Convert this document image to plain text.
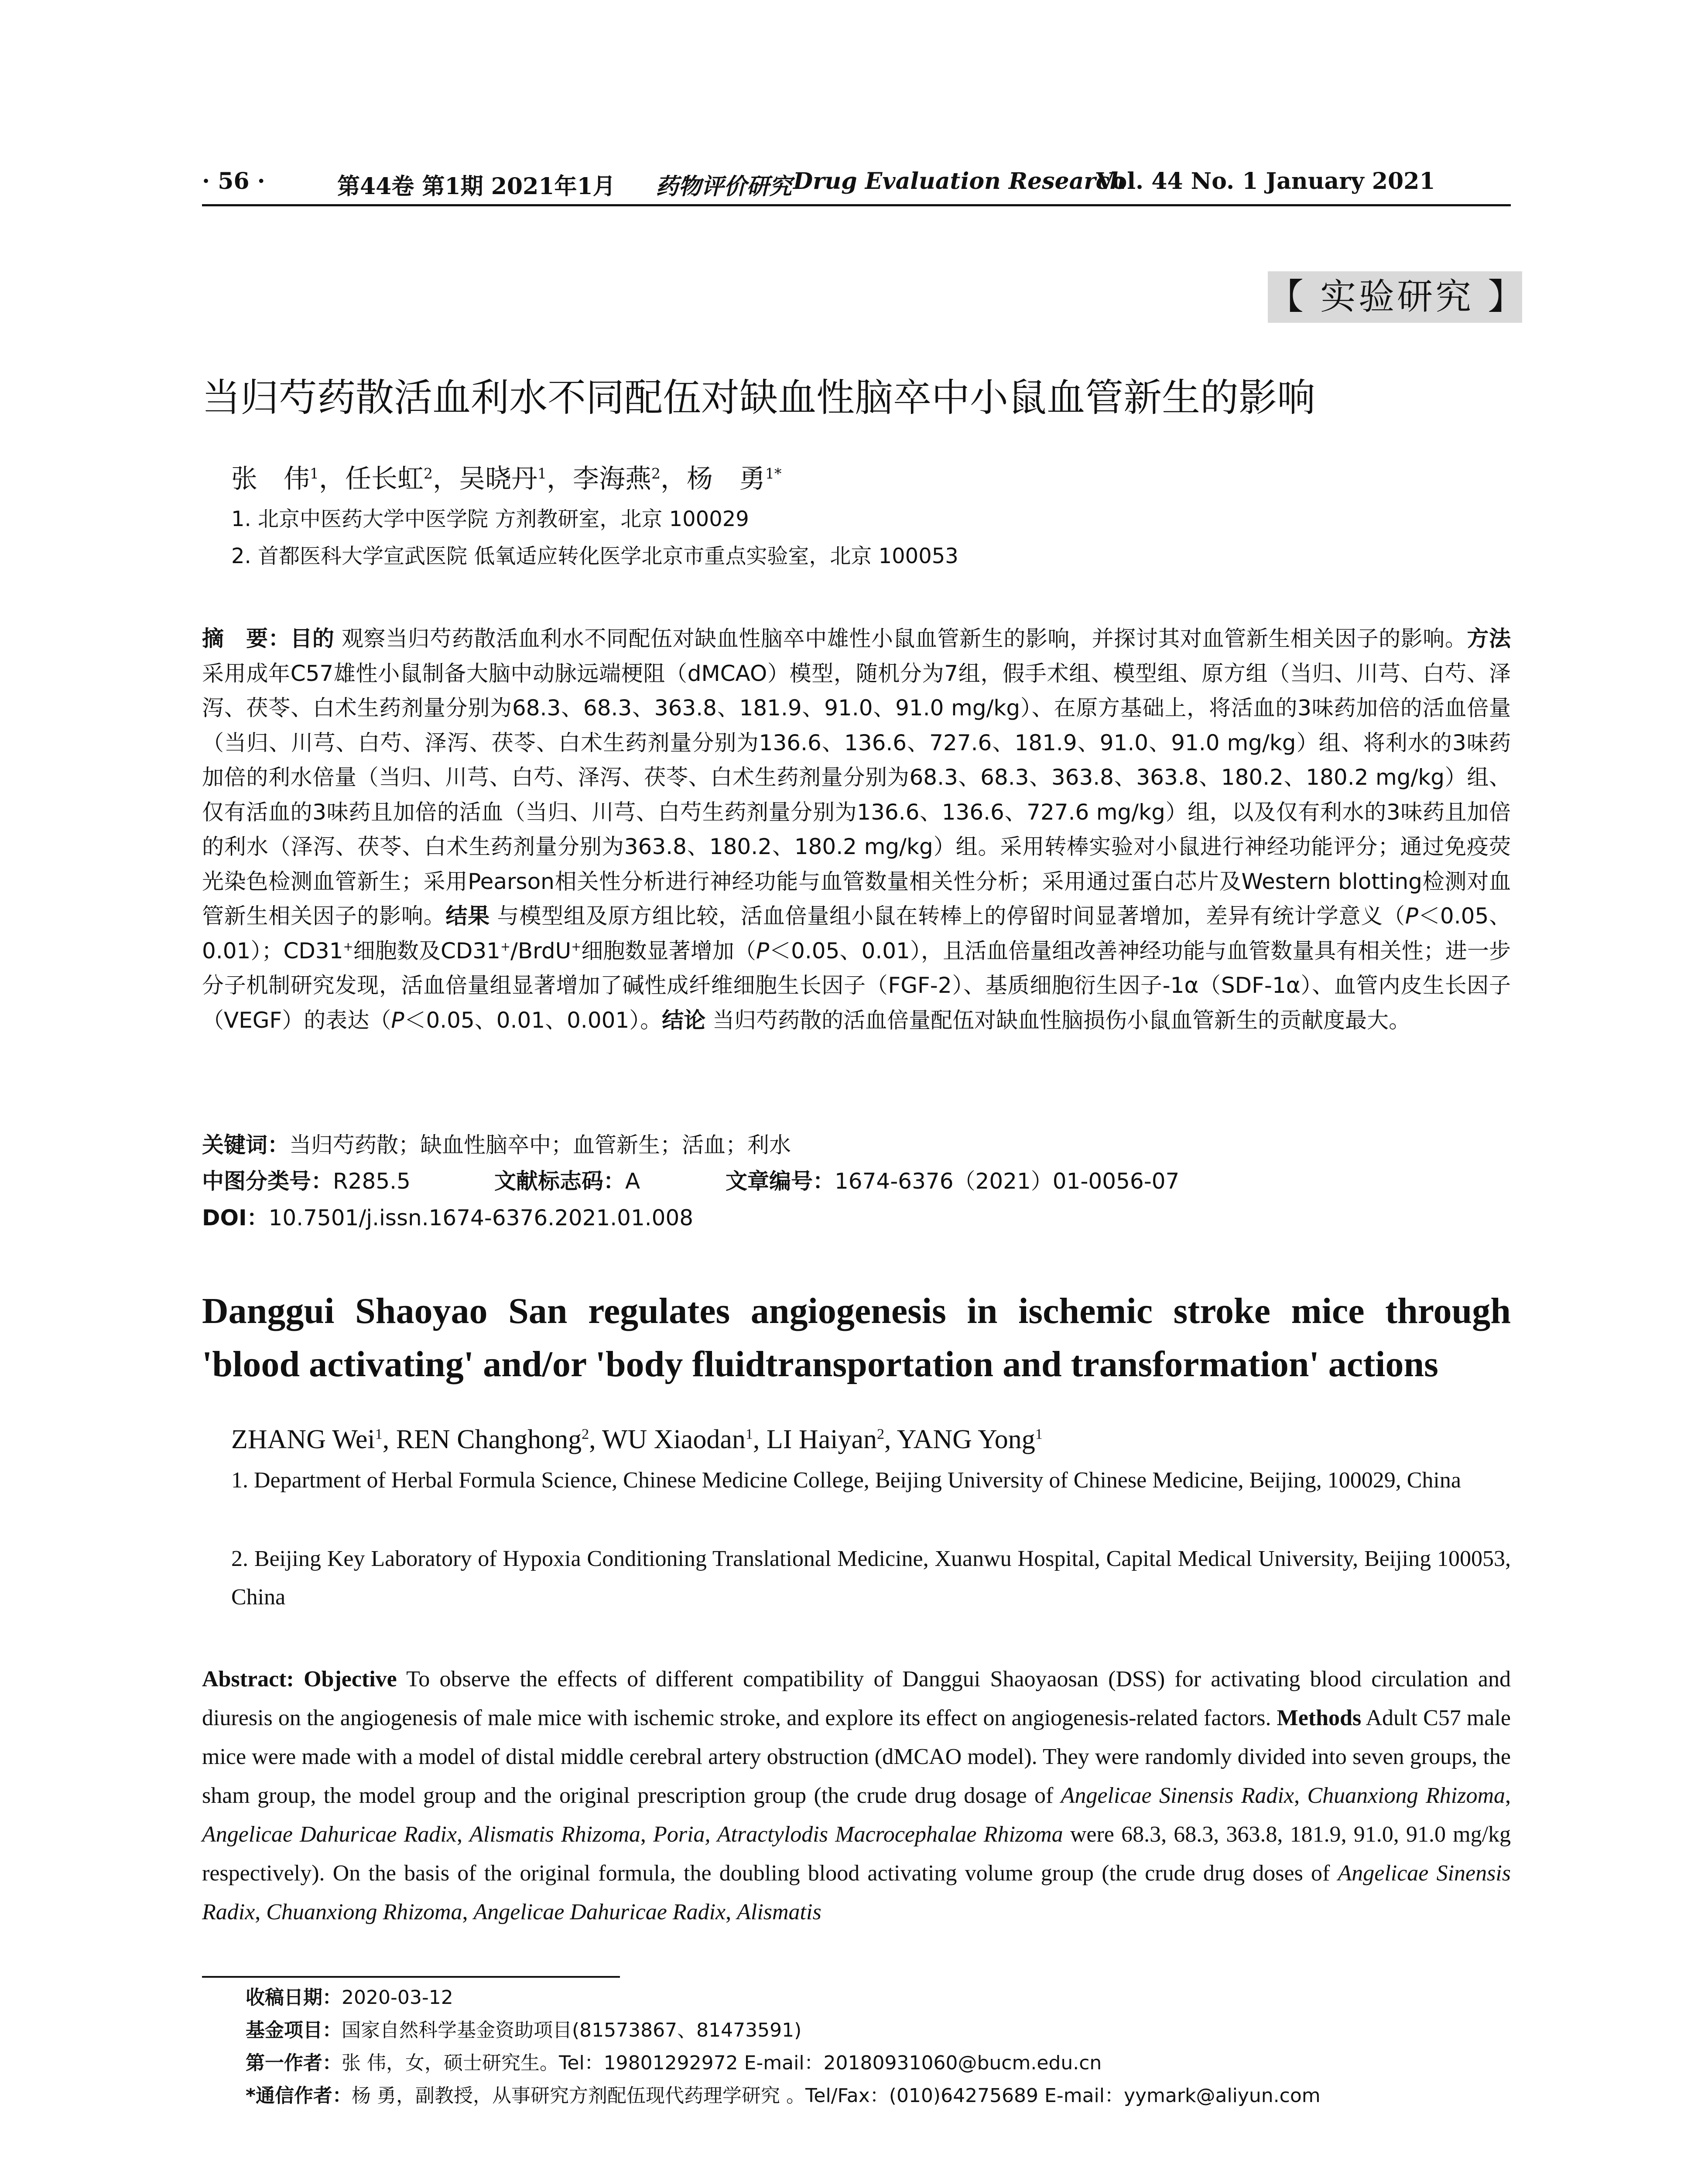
· 56 ·	第44卷 第1期 2021年1月 药物评价研究 Drug Evaluation Research
Vol. 44 No. 1 January 2021
【 实验研究 】
当归芍药散活血利水不同配伍对缺血性脑卒中小鼠血管新生的影响
张　伟$^1$，任长虹$^2$，吴晓丹$^1$，李海燕$^2$，杨　勇$^{1*}$
1. 北京中医药大学中医学院 方剂教研室，北京 100029
2. 首都医科大学宣武医院 低氧适应转化医学北京市重点实验室，北京 100053
摘　要：目的 观察当归芍药散活血利水不同配伍对缺血性脑卒中雄性小鼠血管新生的影响，并探讨其对血管新生相关因子的影响。方法 采用成年C57雄性小鼠制备大脑中动脉远端梗阻（dMCAO）模型，随机分为7组，假手术组、模型组、原方组（当归、川芎、白芍、泽泻、茯苓、白术生药剂量分别为68.3、68.3、363.8、181.9、91.0、91.0 mg/kg）、在原方基础上，将活血的3味药加倍的活血倍量（当归、川芎、白芍、泽泻、茯苓、白术生药剂量分别为136.6、136.6、727.6、181.9、91.0、91.0 mg/kg）组、将利水的3味药加倍的利水倍量（当归、川芎、白芍、泽泻、茯苓、白术生药剂量分别为68.3、68.3、363.8、363.8、180.2、180.2 mg/kg）组、仅有活血的3味药且加倍的活血（当归、川芎、白芍生药剂量分别为136.6、136.6、727.6 mg/kg）组，以及仅有利水的3味药且加倍的利水（泽泻、茯苓、白术生药剂量分别为363.8、180.2、180.2 mg/kg）组。采用转棒实验对小鼠进行神经功能评分；通过免疫荧光染色检测血管新生；采用Pearson相关性分析进行神经功能与血管数量相关性分析；采用通过蛋白芯片及Western blotting检测对血管新生相关因子的影响。结果 与模型组及原方组比较，活血倍量组小鼠在转棒上的停留时间显著增加，差异有统计学意义（P＜0.05、0.01）；CD31+细胞数及CD31+/BrdU+细胞数显著增加（P＜0.05、0.01），且活血倍量组改善神经功能与血管数量具有相关性；进一步分子机制研究发现，活血倍量组显著增加了碱性成纤维细胞生长因子（FGF-2）、基质细胞衍生因子-1α（SDF-1α）、血管内皮生长因子（VEGF）的表达（P＜0.05、0.01、0.001）。结论 当归芍药散的活血倍量配伍对缺血性脑损伤小鼠血管新生的贡献度最大。
关键词：当归芍药散；缺血性脑卒中；血管新生；活血；利水
中图分类号：R285.5	文献标志码：A	文章编号：1674-6376（2021）01-0056-07
DOI：10.7501/j.issn.1674-6376.2021.01.008
Danggui Shaoyao San regulates angiogenesis in ischemic stroke mice through 'blood activating' and/or 'body fluidtransportation and transformation' actions
ZHANG Wei$^1$, REN Changhong$^2$, WU Xiaodan$^1$, LI Haiyan$^2$, YANG Yong$^1$
1. Department of Herbal Formula Science, Chinese Medicine College, Beijing University of Chinese Medicine, Beijing, 100029, China
2. Beijing Key Laboratory of Hypoxia Conditioning Translational Medicine, Xuanwu Hospital, Capital Medical University, Beijing 100053, China
Abstract: Objective To observe the effects of different compatibility of Danggui Shaoyaosan (DSS) for activating blood circulation and diuresis on the angiogenesis of male mice with ischemic stroke, and explore its effect on angiogenesis-related factors. Methods Adult C57 male mice were made with a model of distal middle cerebral artery obstruction (dMCAO model). They were randomly divided into seven groups, the sham group, the model group and the original prescription group (the crude drug dosage of Angelicae Sinensis Radix, Chuanxiong Rhizoma, Angelicae Dahuricae Radix, Alismatis Rhizoma, Poria, Atractylodis Macrocephalae Rhizoma were 68.3, 68.3, 363.8, 181.9, 91.0, 91.0 mg/kg respectively). On the basis of the original formula, the doubling blood activating volume group (the crude drug doses of Angelicae Sinensis Radix, Chuanxiong Rhizoma, Angelicae Dahuricae Radix, Alismatis
收稿日期：2020-03-12
基金项目：国家自然科学基金资助项目(81573867、81473591)
第一作者：张 伟，女，硕士研究生。Tel：19801292972 E-mail：20180931060@bucm.edu.cn
*通信作者：杨 勇，副教授，从事研究方剂配伍现代药理学研究 。Tel/Fax：(010)64275689 E-mail：yymark@aliyun.com
